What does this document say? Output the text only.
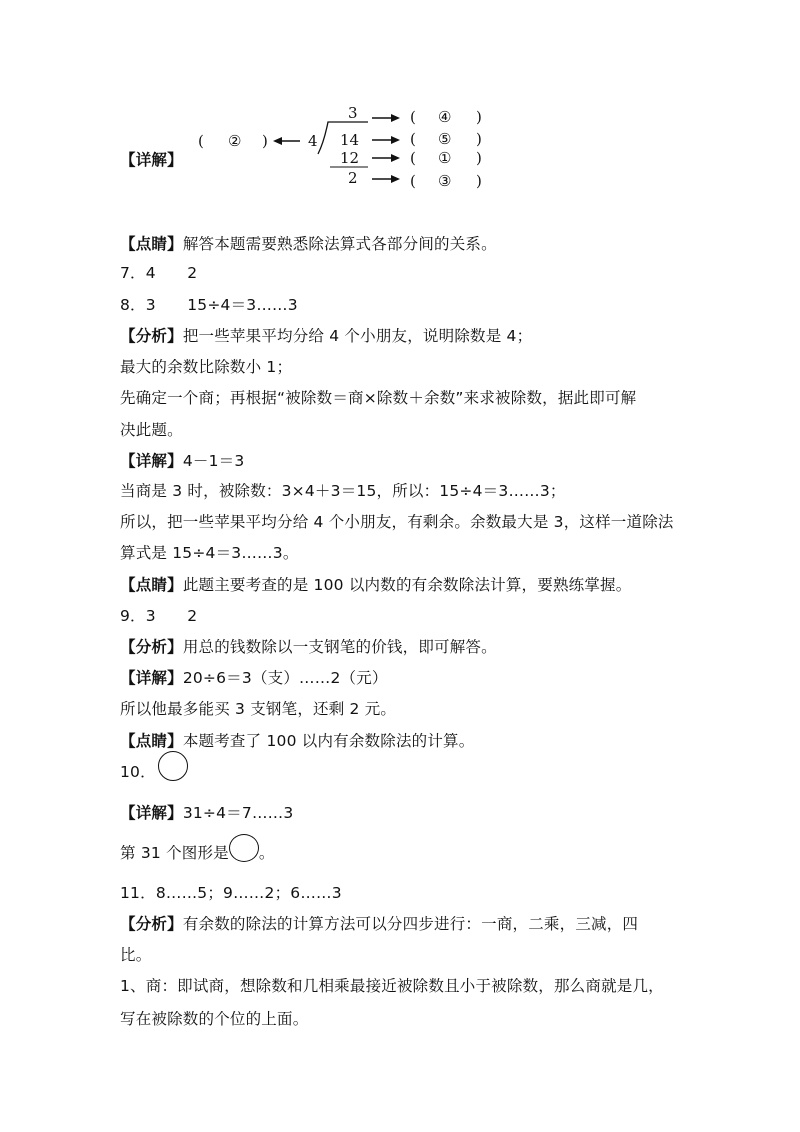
【详解】
( ② )	4
3
14
12
2
( ④ )
( ⑤ )
( ① )
( ③ )
【点睛】解答本题需要熟悉除法算式各部分间的关系。
7．4　　2
8．3　　15÷4＝3……3
【分析】把一些苹果平均分给 4 个小朋友，说明除数是 4；
最大的余数比除数小 1；
先确定一个商；再根据“被除数＝商×除数＋余数”来求被除数，据此即可解
决此题。
【详解】4－1＝3
当商是 3 时，被除数：3×4＋3＝15，所以：15÷4＝3……3；
所以，把一些苹果平均分给 4 个小朋友，有剩余。余数最大是 3，这样一道除法
算式是 15÷4＝3……3。
【点睛】此题主要考查的是 100 以内数的有余数除法计算，要熟练掌握。
9．3　　2
【分析】用总的钱数除以一支钢笔的价钱，即可解答。
【详解】20÷6＝3（支）……2（元）
所以他最多能买 3 支钢笔，还剩 2 元。
【点睛】本题考查了 100 以内有余数除法的计算。
10．
【详解】31÷4＝7……3
第 31 个图形是 。
11．8……5；9……2；6……3
【分析】有余数的除法的计算方法可以分四步进行：一商，二乘，三减，四
比。
1、商：即试商，想除数和几相乘最接近被除数且小于被除数，那么商就是几，
写在被除数的个位的上面。
